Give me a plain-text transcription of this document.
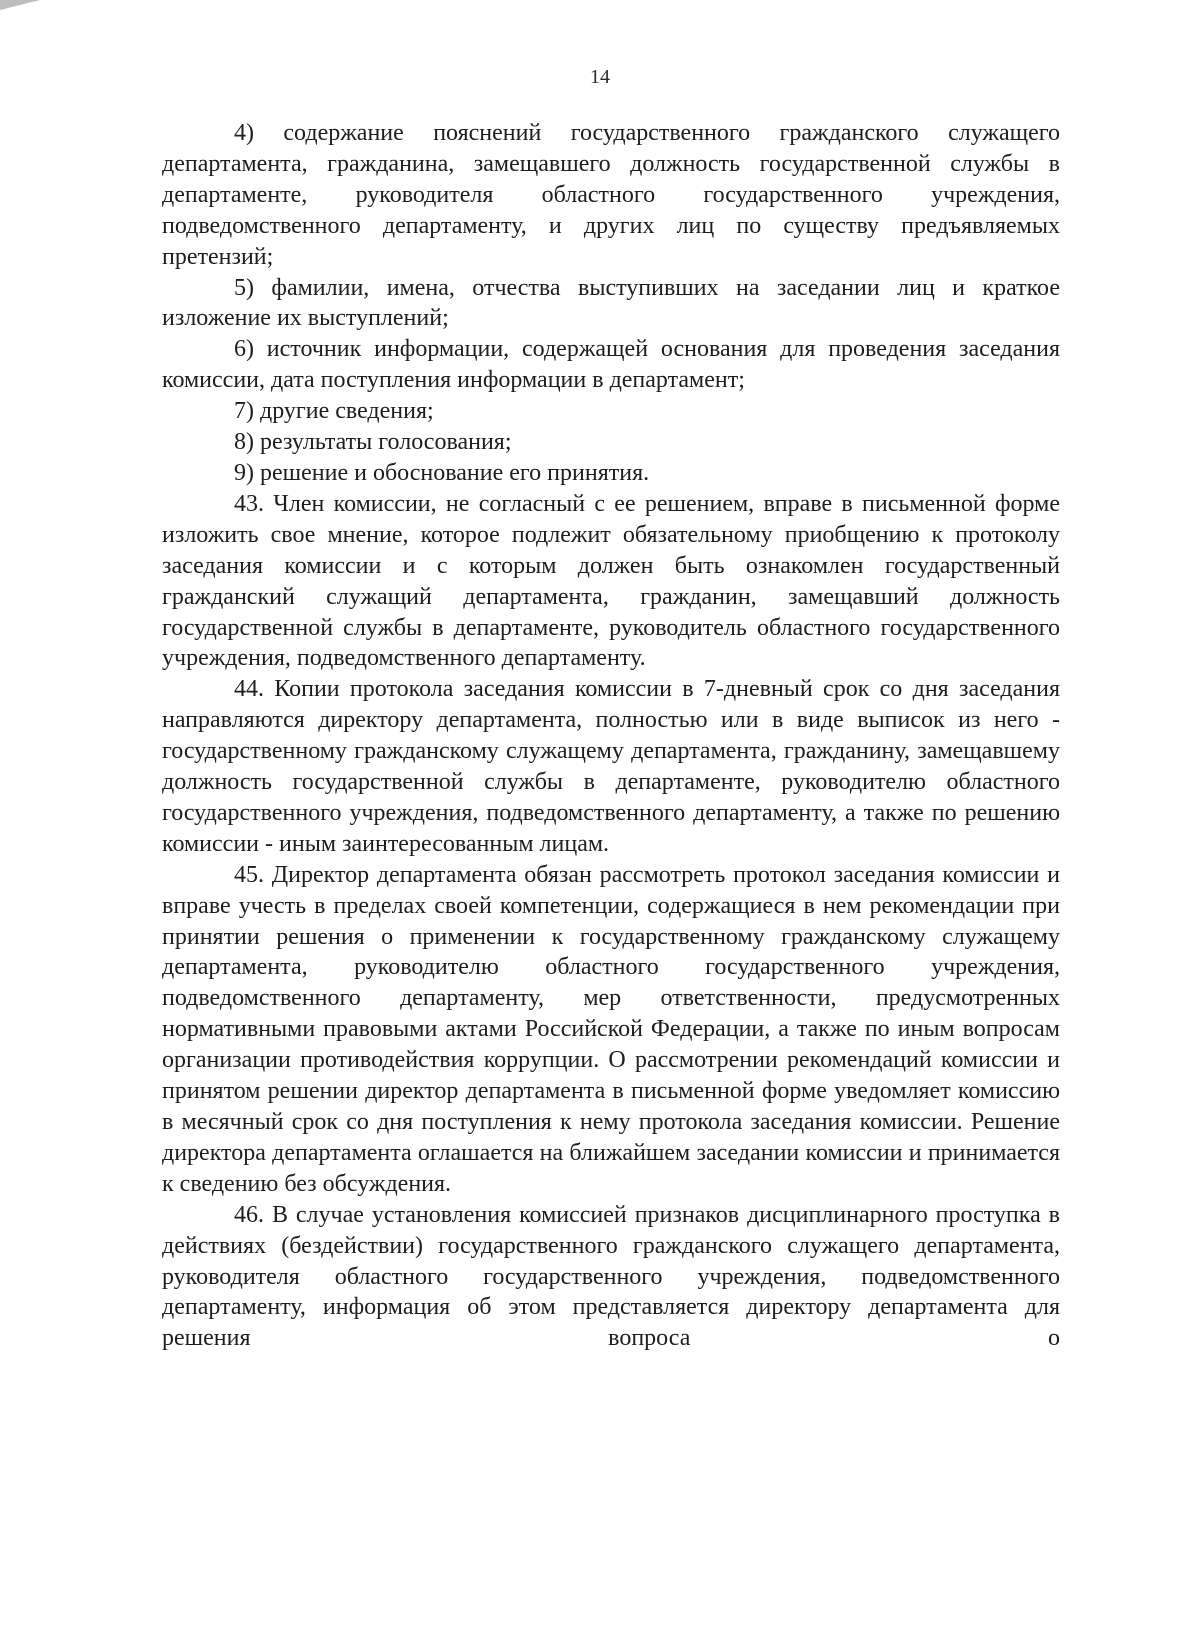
14

4) содержание пояснений государственного гражданского служащего департамента, гражданина, замещавшего должность государственной службы в департаменте, руководителя областного государственного учреждения, подведомственного департаменту, и других лиц по существу предъявляемых претензий;

5) фамилии, имена, отчества выступивших на заседании лиц и краткое изложение их выступлений;

6) источник информации, содержащей основания для проведения заседания комиссии, дата поступления информации в департамент;

7) другие сведения;

8) результаты голосования;

9) решение и обоснование его принятия.

43. Член комиссии, не согласный с ее решением, вправе в письменной форме изложить свое мнение, которое подлежит обязательному приобщению к протоколу заседания комиссии и с которым должен быть ознакомлен государственный гражданский служащий департамента, гражданин, замещавший должность государственной службы в департаменте, руководитель областного государственного учреждения, подведомственного департаменту.

44. Копии протокола заседания комиссии в 7-дневный срок со дня заседания направляются директору департамента, полностью или в виде выписок из него - государственному гражданскому служащему департамента, гражданину, замещавшему должность государственной службы в департаменте, руководителю областного государственного учреждения, подведомственного департаменту, а также по решению комиссии - иным заинтересованным лицам.

45. Директор департамента обязан рассмотреть протокол заседания комиссии и вправе учесть в пределах своей компетенции, содержащиеся в нем рекомендации при принятии решения о применении к государственному гражданскому служащему департамента, руководителю областного государственного учреждения, подведомственного департаменту, мер ответственности, предусмотренных нормативными правовыми актами Российской Федерации, а также по иным вопросам организации противодействия коррупции. О рассмотрении рекомендаций комиссии и принятом решении директор департамента в письменной форме уведомляет комиссию в месячный срок со дня поступления к нему протокола заседания комиссии. Решение директора департамента оглашается на ближайшем заседании комиссии и принимается к сведению без обсуждения.

46. В случае установления комиссией признаков дисциплинарного проступка в действиях (бездействии) государственного гражданского служащего департамента, руководителя областного государственного учреждения, подведомственного департаменту, информация об этом представляется директору департамента для решения вопроса о
